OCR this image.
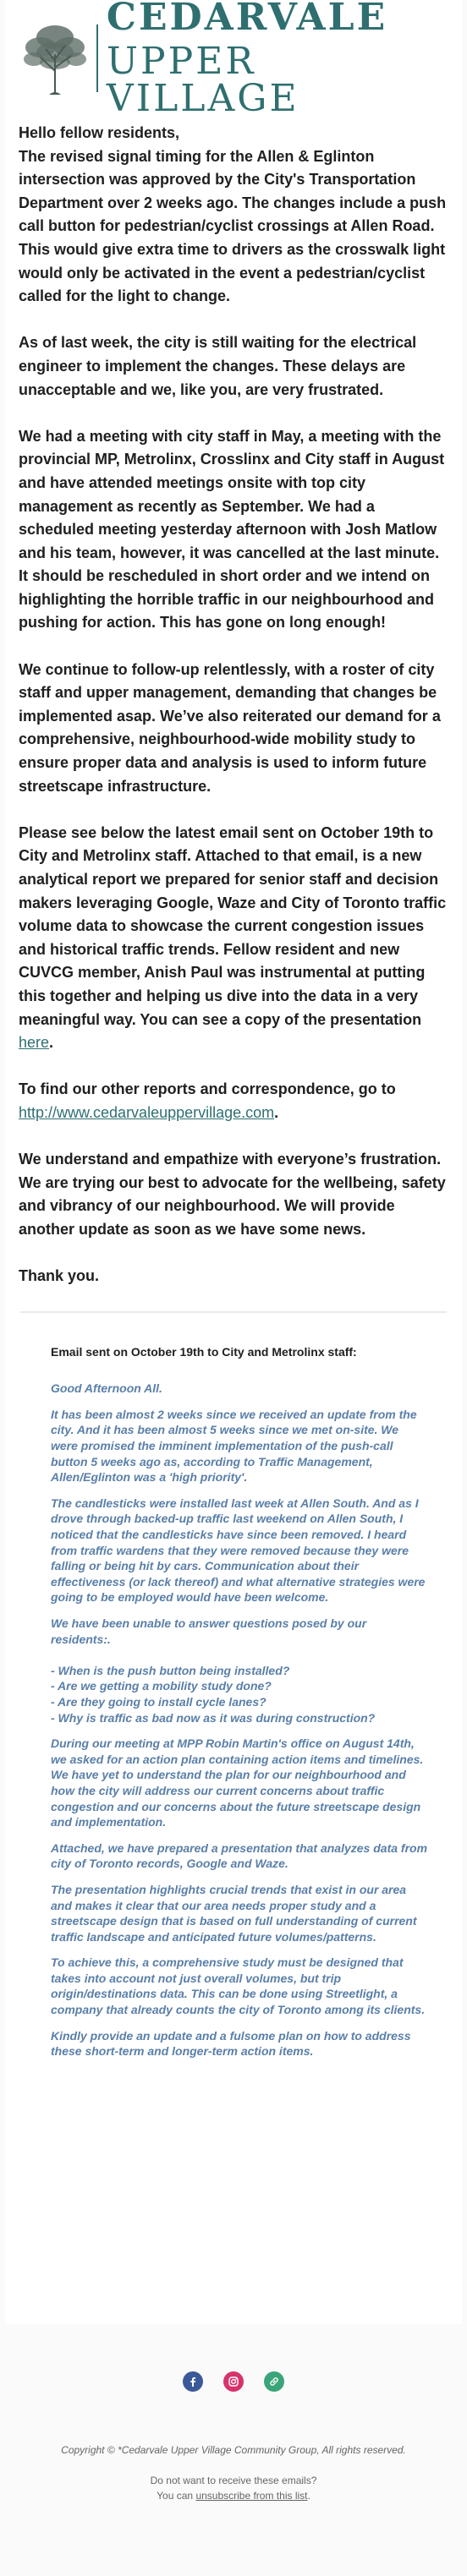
CEDARVALE
UPPER VILLAGE

Hello fellow residents,

The revised signal timing for the Allen & Eglinton intersection was approved by the City's Transportation Department over 2 weeks ago. The changes include a push call button for pedestrian/cyclist crossings at Allen Road. This would give extra time to drivers as the crosswalk light would only be activated in the event a pedestrian/cyclist called for the light to change.

As of last week, the city is still waiting for the electrical engineer to implement the changes. These delays are unacceptable and we, like you, are very frustrated.

We had a meeting with city staff in May, a meeting with the provincial MP, Metrolinx, Crosslinx and City staff in August and have attended meetings onsite with top city management as recently as September. We had a scheduled meeting yesterday afternoon with Josh Matlow and his team, however, it was cancelled at the last minute. It should be rescheduled in short order and we intend on highlighting the horrible traffic in our neighbourhood and pushing for action. This has gone on long enough!

We continue to follow-up relentlessly, with a roster of city staff and upper management, demanding that changes be implemented asap. We’ve also reiterated our demand for a comprehensive, neighbourhood-wide mobility study to ensure proper data and analysis is used to inform future streetscape infrastructure.

Please see below the latest email sent on October 19th to City and Metrolinx staff. Attached to that email, is a new analytical report we prepared for senior staff and decision makers leveraging Google, Waze and City of Toronto traffic volume data to showcase the current congestion issues and historical traffic trends. Fellow resident and new CUVCG member, Anish Paul was instrumental at putting this together and helping us dive into the data in a very meaningful way. You can see a copy of the presentation here.

To find our other reports and correspondence, go to http://www.cedarvaleuppervillage.com.

We understand and empathize with everyone’s frustration. We are trying our best to advocate for the wellbeing, safety and vibrancy of our neighbourhood. We will provide another update as soon as we have some news.

Thank you.

Email sent on October 19th to City and Metrolinx staff:

Good Afternoon All.

It has been almost 2 weeks since we received an update from the city. And it has been almost 5 weeks since we met on-site. We were promised the imminent implementation of the push-call button 5 weeks ago as, according to Traffic Management, Allen/Eglinton was a 'high priority'.

The candlesticks were installed last week at Allen South. And as I drove through backed-up traffic last weekend on Allen South, I noticed that the candlesticks have since been removed. I heard from traffic wardens that they were removed because they were falling or being hit by cars. Communication about their effectiveness (or lack thereof) and what alternative strategies were going to be employed would have been welcome.

We have been unable to answer questions posed by our residents:.

- When is the push button being installed?

- Are we getting a mobility study done?

- Are they going to install cycle lanes?

- Why is traffic as bad now as it was during construction?

During our meeting at MPP Robin Martin's office on August 14th, we asked for an action plan containing action items and timelines. We have yet to understand the plan for our neighbourhood and how the city will address our current concerns about traffic congestion and our concerns about the future streetscape design and implementation.

Attached, we have prepared a presentation that analyzes data from city of Toronto records, Google and Waze.

The presentation highlights crucial trends that exist in our area and makes it clear that our area needs proper study and a streetscape design that is based on full understanding of current traffic landscape and anticipated future volumes/patterns.

To achieve this, a comprehensive study must be designed that takes into account not just overall volumes, but trip origin/destinations data. This can be done using Streetlight, a company that already counts the city of Toronto among its clients.

Kindly provide an update and a fulsome plan on how to address these short-term and longer-term action items.

Copyright © *Cedarvale Upper Village Community Group, All rights reserved.
Do not want to receive these emails?
You can unsubscribe from this list.
